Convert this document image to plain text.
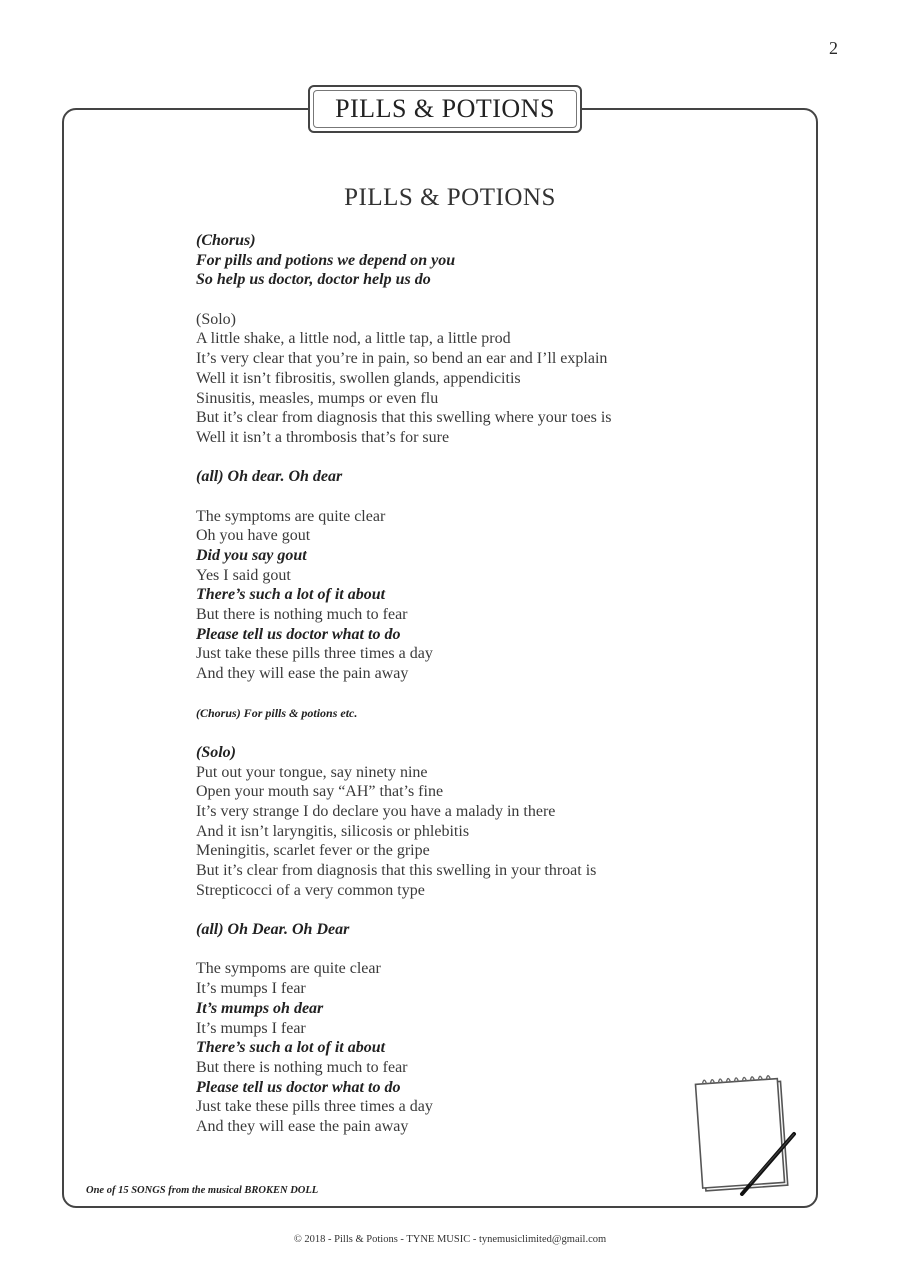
2
PILLS & POTIONS
PILLS & POTIONS
(Chorus)
For pills and potions we depend on you
So help us doctor, doctor help us do
(Solo)
A little shake, a little nod, a little tap, a little prod
It’s very clear that you’re in pain, so bend an ear and I’ll explain
Well it isn’t fibrositis, swollen glands, appendicitis
Sinusitis, measles, mumps or even flu
But it’s clear from diagnosis that this swelling where your toes is
Well it isn’t a thrombosis that’s for sure
(all) Oh dear. Oh dear
The symptoms are quite clear
Oh you have gout
Did you say gout
Yes I said gout
There’s such a lot of it about
But there is nothing much to fear
Please tell us doctor what to do
Just take these pills three times a day
And they will ease the pain away
(Chorus) For pills & potions etc.
(Solo)
Put out your tongue, say ninety nine
Open your mouth say “AH” that’s fine
It’s very strange I do declare you have a malady in there
And it isn’t laryngitis, silicosis or phlebitis
Meningitis, scarlet fever or the gripe
But it’s clear from diagnosis that this swelling in your throat is
Strepticocci of a very common type
(all) Oh Dear. Oh Dear
The sympoms are quite clear
It’s mumps I fear
It’s mumps oh dear
It’s mumps I fear
There’s such a lot of it about
But there is nothing much to fear
Please tell us doctor what to do
Just take these pills three times a day
And they will ease the pain away
One of 15 SONGS from the musical BROKEN DOLL
© 2018 - Pills & Potions - TYNE MUSIC - tynemusiclimited@gmail.com
